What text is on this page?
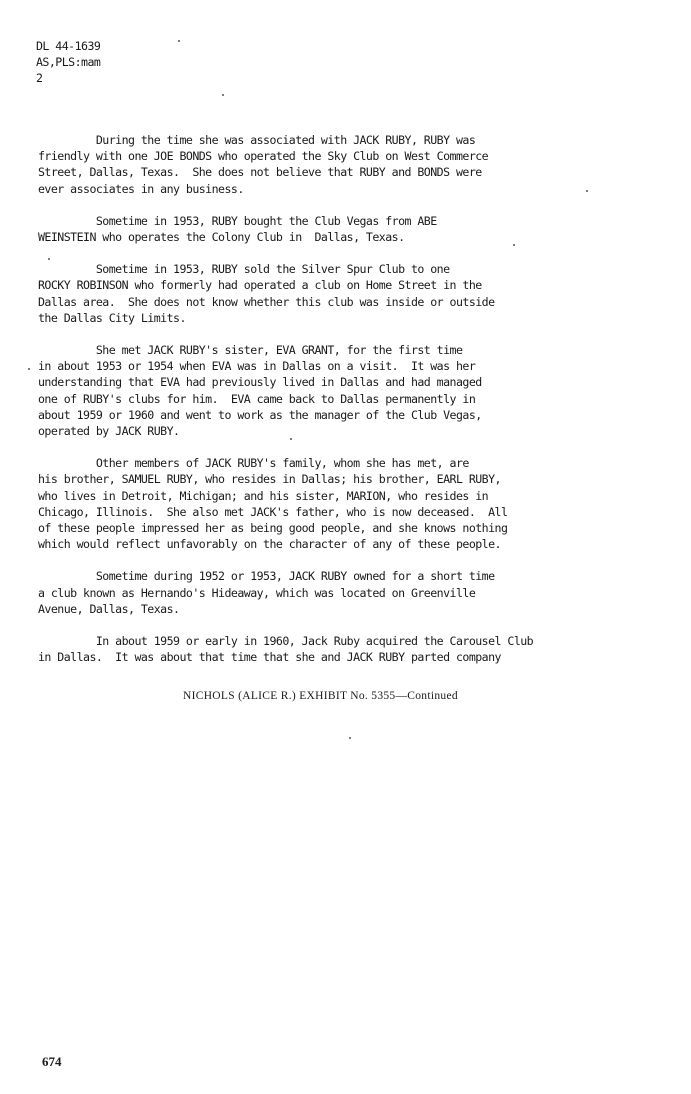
DL 44-1639
AS,PLS:mam
2
During the time she was associated with JACK RUBY, RUBY was
friendly with one JOE BONDS who operated the Sky Club on West Commerce
Street, Dallas, Texas.  She does not believe that RUBY and BONDS were
ever associates in any business.
Sometime in 1953, RUBY bought the Club Vegas from ABE
WEINSTEIN who operates the Colony Club in  Dallas, Texas.
Sometime in 1953, RUBY sold the Silver Spur Club to one
ROCKY ROBINSON who formerly had operated a club on Home Street in the
Dallas area.  She does not know whether this club was inside or outside
the Dallas City Limits.
She met JACK RUBY's sister, EVA GRANT, for the first time
in about 1953 or 1954 when EVA was in Dallas on a visit.  It was her
understanding that EVA had previously lived in Dallas and had managed
one of RUBY's clubs for him.  EVA came back to Dallas permanently in
about 1959 or 1960 and went to work as the manager of the Club Vegas,
operated by JACK RUBY.
Other members of JACK RUBY's family, whom she has met, are
his brother, SAMUEL RUBY, who resides in Dallas; his brother, EARL RUBY,
who lives in Detroit, Michigan; and his sister, MARION, who resides in
Chicago, Illinois.  She also met JACK's father, who is now deceased.  All
of these people impressed her as being good people, and she knows nothing
which would reflect unfavorably on the character of any of these people.
Sometime during 1952 or 1953, JACK RUBY owned for a short time
a club known as Hernando's Hideaway, which was located on Greenville
Avenue, Dallas, Texas.
In about 1959 or early in 1960, Jack Ruby acquired the Carousel Club
in Dallas.  It was about that time that she and JACK RUBY parted company
NICHOLS (ALICE R.) EXHIBIT No. 5355—Continued
674
